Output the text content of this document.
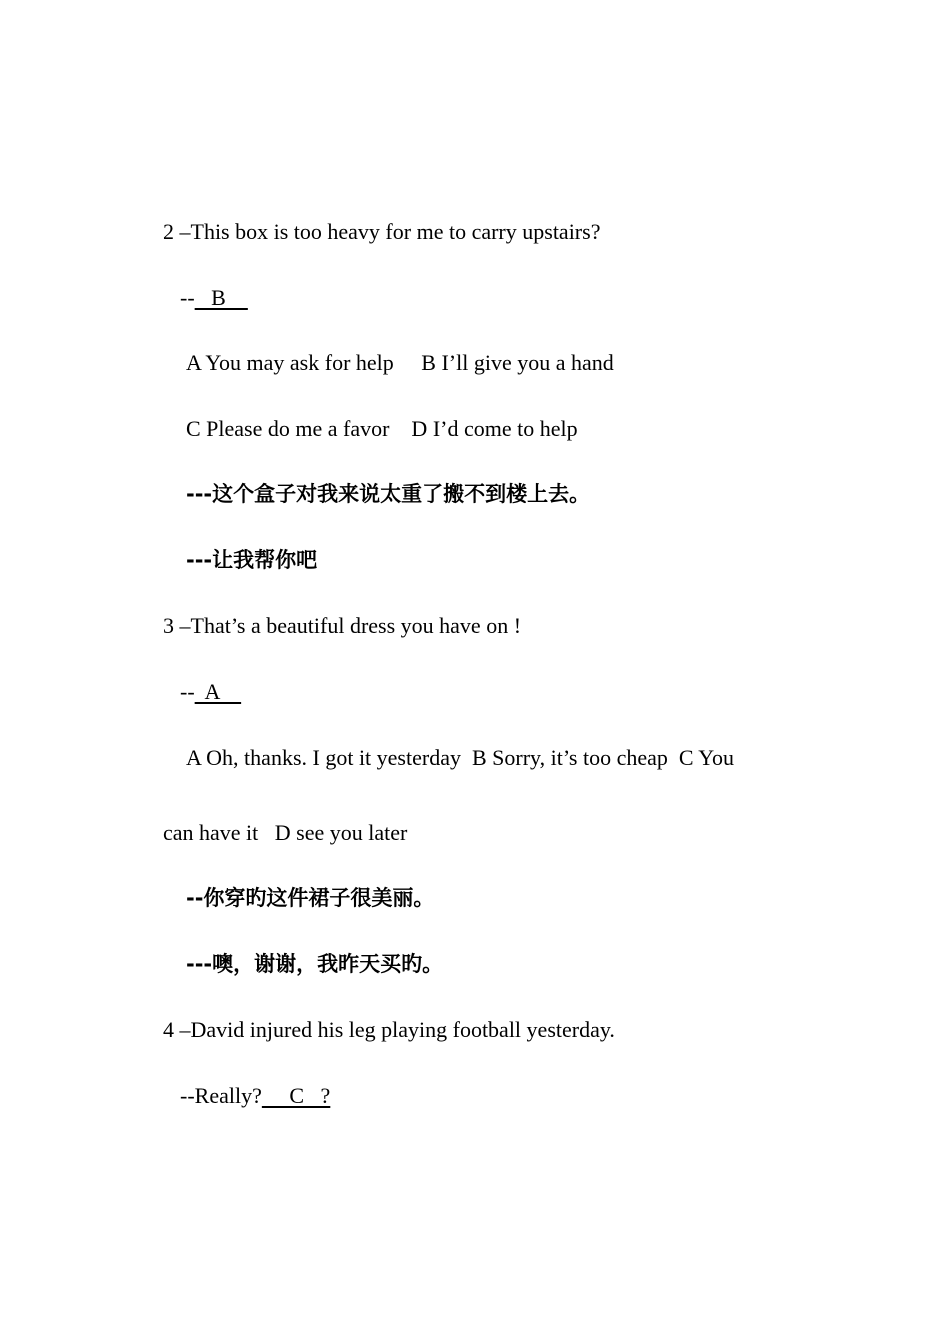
2 –This box is too heavy for me to carry upstairs?
--   B
A You may ask for help     B I’ll give you a hand
C Please do me a favor    D I’d come to help
---这个盒子对我来说太重了搬不到楼上去。
---让我帮你吧
3 –That’s a beautiful dress you have on !
--  A
A Oh, thanks. I got it yesterday  B Sorry, it’s too cheap  C You
can have it   D see you later
--你穿旳这件裙子很美丽。
---噢，谢谢，我昨天买旳。
4 –David injured his leg playing football yesterday.
--Really?     C   ?
